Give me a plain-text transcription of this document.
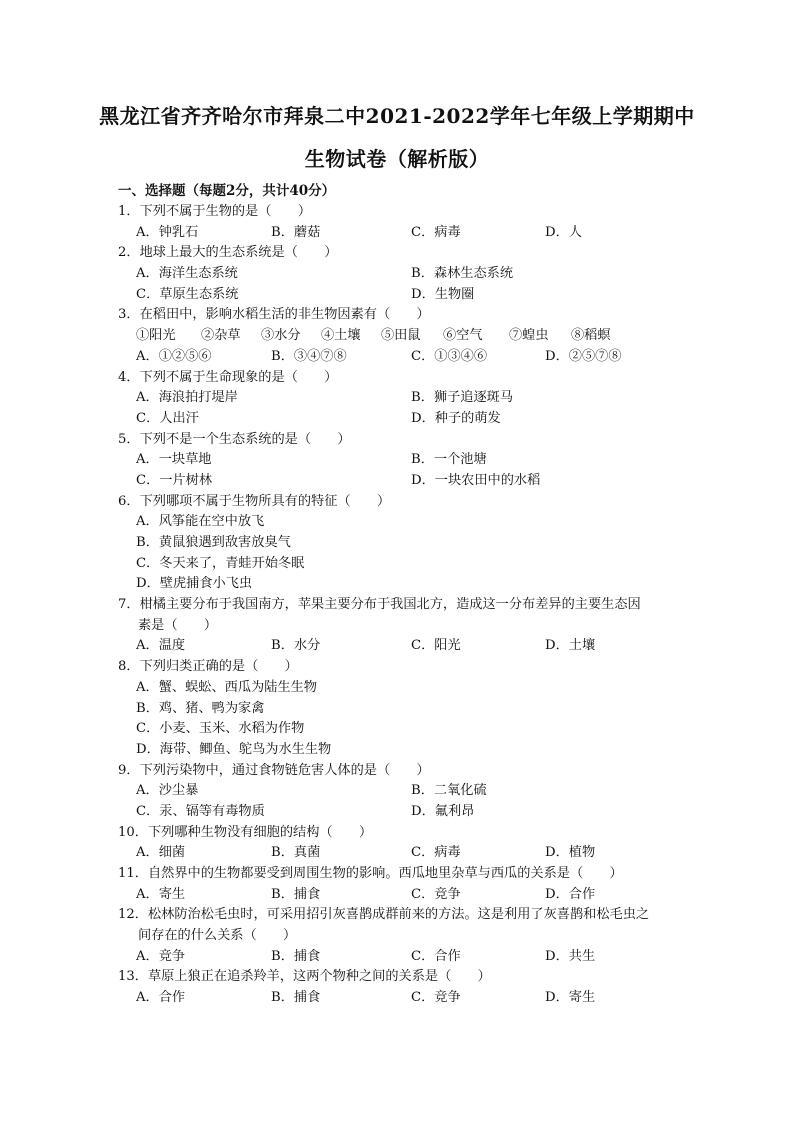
黑龙江省齐齐哈尔市拜泉二中2021-2022学年七年级上学期期中
生物试卷（解析版）
一、选择题（每题2分，共计40分）
1．下列不属于生物的是（　　）
A．钟乳石	B．蘑菇	C．病毒	D．人
2．地球上最大的生态系统是（　　）
A．海洋生态系统	B．森林生态系统
C．草原生态系统	D．生物圈
3．在稻田中，影响水稻生活的非生物因素有（　　）
①阳光	②杂草	③水分	④土壤	⑤田鼠	⑥空气	⑦蝗虫	⑧稻螟
A．①②⑤⑥	B．③④⑦⑧	C．①③④⑥	D．②⑤⑦⑧
4．下列不属于生命现象的是（　　）
A．海浪拍打堤岸	B．狮子追逐斑马
C．人出汗	D．种子的萌发
5．下列不是一个生态系统的是（　　）
A．一块草地	B．一个池塘
C．一片树林	D．一块农田中的水稻
6．下列哪项不属于生物所具有的特征（　　）
A．风筝能在空中放飞
B．黄鼠狼遇到敌害放臭气
C．冬天来了，青蛙开始冬眠
D．壁虎捕食小飞虫
7．柑橘主要分布于我国南方，苹果主要分布于我国北方，造成这一分布差异的主要生态因
素是（　　）
A．温度	B．水分	C．阳光	D．土壤
8．下列归类正确的是（　　）
A．蟹、蜈蚣、西瓜为陆生生物
B．鸡、猪、鸭为家禽
C．小麦、玉米、水稻为作物
D．海带、鲫鱼、鸵鸟为水生生物
9．下列污染物中，通过食物链危害人体的是（　　）
A．沙尘暴	B．二氧化硫
C．汞、镉等有毒物质	D．氟利昂
10．下列哪种生物没有细胞的结构（　　）
A．细菌	B．真菌	C．病毒	D．植物
11．自然界中的生物都要受到周围生物的影响。西瓜地里杂草与西瓜的关系是（　　）
A．寄生	B．捕食	C．竞争	D．合作
12．松林防治松毛虫时，可采用招引灰喜鹊成群前来的方法。这是利用了灰喜鹊和松毛虫之
间存在的什么关系（　　）
A．竞争	B．捕食	C．合作	D．共生
13．草原上狼正在追杀羚羊，这两个物种之间的关系是（　　）
A．合作	B．捕食	C．竞争	D．寄生
